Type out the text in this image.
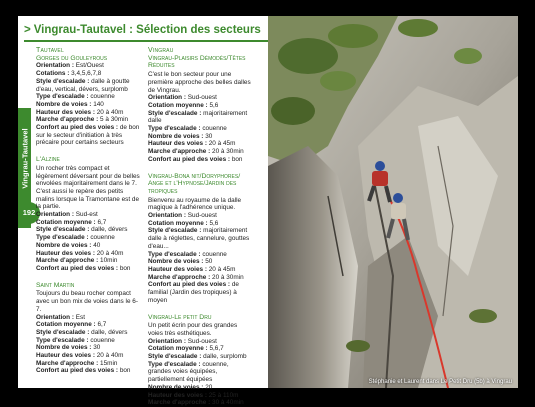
> Vingrau-Tautavel : Sélection des secteurs
Vingrau-Tautavel
192
Tautavel
Gorges du Gouleyrous
Orientation : Est/Ouest
Cotations : 3,4,5,6,7,8
Style d'escalade : dalle à goutte d'eau, vertical, dévers, surplomb
Type d'escalade : couenne
Nombre de voies : 140
Hauteur des voies : 20 à 40m
Marche d'approche : 5 à 30min
Confort au pied des voies : de bon sur le secteur d'initiation à très précaire pour certains secteurs
L'Alzine
Un rocher très compact et légèrement déversant pour de belles envolées majoritairement dans le 7. C'est aussi le repère des petits malins lorsque la Tramontane est de la partie.
Orientation : Sud-est
Cotation moyenne : 6,7
Style d'escalade : dalle, dévers
Type d'escalade : couenne
Nombre de voies : 40
Hauteur des voies : 20 à 40m
Marche d'approche : 10min
Confort au pied des voies : bon
Saint Martin
Toujours du beau rocher compact avec un bon mix de voies dans le 6-7.
Orientation : Est
Cotation moyenne : 6,7
Style d'escalade : dalle, dévers
Type d'escalade : couenne
Nombre de voies : 30
Hauteur des voies : 20 à 40m
Marche d'approche : 15min
Confort au pied des voies : bon
Vingrau
Vingrau-Plaisirs Démodés/Têtes Réduites
C'est le bon secteur pour une première approche des belles dalles de Vingrau.
Orientation : Sud-ouest
Cotation moyenne : 5,6
Style d'escalade : majoritairement dalle
Type d'escalade : couenne
Nombre de voies : 30
Hauteur des voies : 20 à 45m
Marche d'approche : 20 à 30min
Confort au pied des voies : bon
Vingrau-Bona nit/Doryphores/ Ange et l'Hypnose/Jardin des tropiques
Bienvenu au royaume de la dalle magique à l'adhérence unique.
Orientation : Sud-ouest
Cotation moyenne : 5,6
Style d'escalade : majoritairement dalle à réglettes, cannelure, gouttes d'eau...
Type d'escalade : couenne
Nombre de voies : 50
Hauteur des voies : 20 à 45m
Marche d'approche : 20 à 30min
Confort au pied des voies : de familial (Jardin des tropiques) à moyen
Vingrau-Le petit Dru
Un petit écrin pour des grandes voies très esthétiques.
Orientation : Sud-ouest
Cotation moyenne : 5,6,7
Style d'escalade : dalle, surplomb
Type d'escalade : couenne, grandes voies équipées, partiellement équipées
Nombre de voies : 20
Hauteur des voies : 25 à 110m
Marche d'approche : 30 à 40min
Stéphanie et Laurent dans Le Petit Dru (5b) à Vingrau
